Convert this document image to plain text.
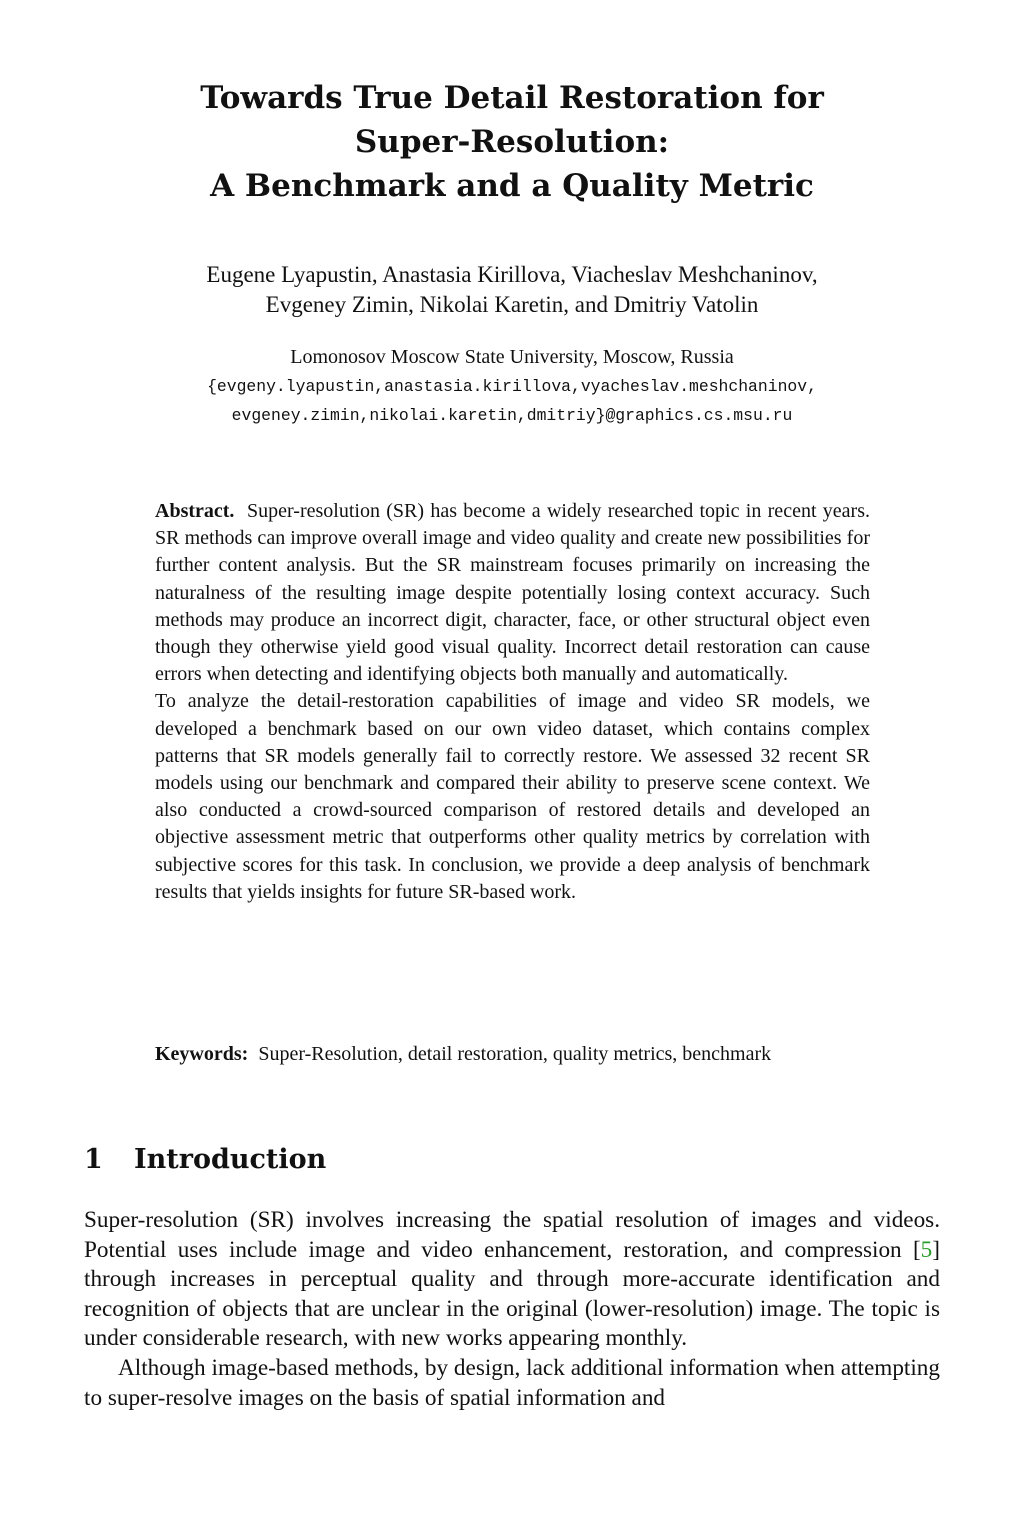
Towards True Detail Restoration for
Super-Resolution:
A Benchmark and a Quality Metric
Eugene Lyapustin, Anastasia Kirillova, Viacheslav Meshchaninov,
Evgeney Zimin, Nikolai Karetin, and Dmitriy Vatolin
Lomonosov Moscow State University, Moscow, Russia
{evgeny.lyapustin,anastasia.kirillova,vyacheslav.meshchaninov,
evgeney.zimin,nikolai.karetin,dmitriy}@graphics.cs.msu.ru

Abstract. Super-resolution (SR) has become a widely researched topic in recent years. SR methods can improve overall image and video quality and create new possibilities for further content analysis. But the SR mainstream focuses primarily on increasing the naturalness of the resulting image despite potentially losing context accuracy. Such methods may produce an incorrect digit, character, face, or other structural object even though they otherwise yield good visual quality. Incorrect detail restoration can cause errors when detecting and identifying objects both manually and automatically.

To analyze the detail-restoration capabilities of image and video SR models, we developed a benchmark based on our own video dataset, which contains complex patterns that SR models generally fail to correctly restore. We assessed 32 recent SR models using our benchmark and compared their ability to preserve scene context. We also conducted a crowd-sourced comparison of restored details and developed an objective assessment metric that outperforms other quality metrics by correlation with subjective scores for this task. In conclusion, we provide a deep analysis of benchmark results that yields insights for future SR-based work.

Keywords: Super-Resolution, detail restoration, quality metrics, benchmark
1 Introduction

Super-resolution (SR) involves increasing the spatial resolution of images and videos. Potential uses include image and video enhancement, restoration, and compression [5] through increases in perceptual quality and through more-accurate identification and recognition of objects that are unclear in the original (lower-resolution) image. The topic is under considerable research, with new works appearing monthly.

Although image-based methods, by design, lack additional information when attempting to super-resolve images on the basis of spatial information and
